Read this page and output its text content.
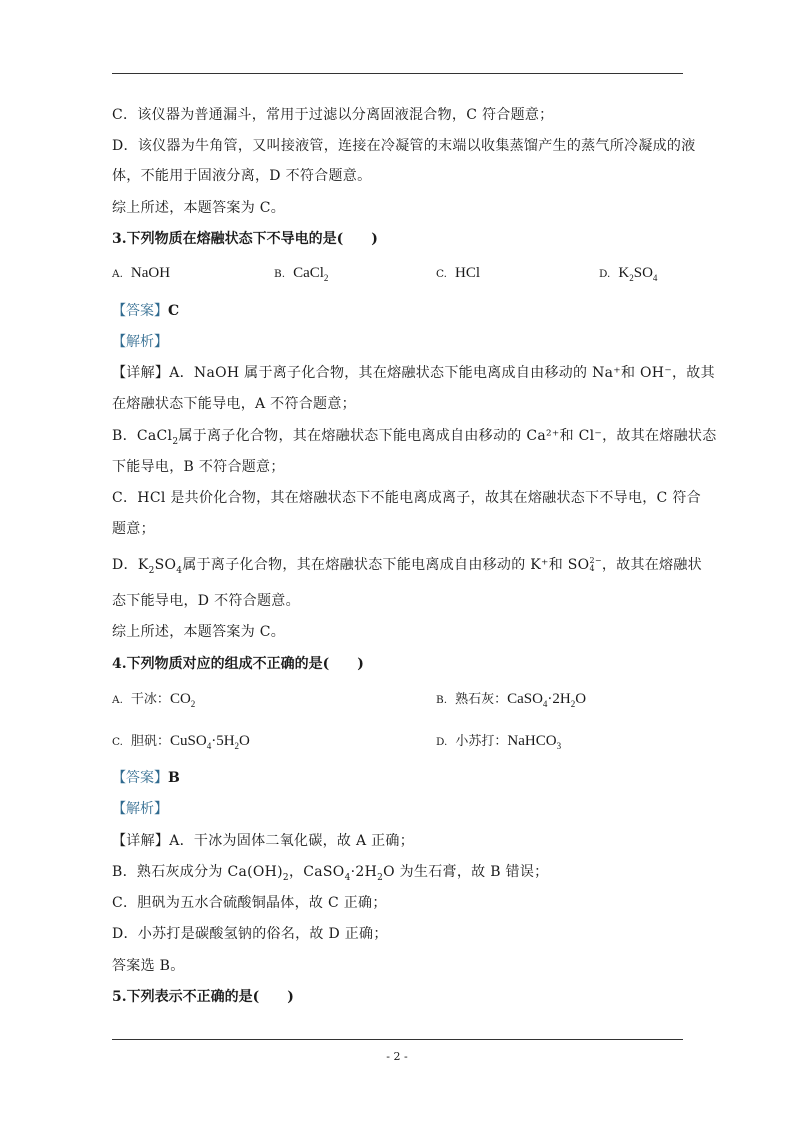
C．该仪器为普通漏斗，常用于过滤以分离固液混合物，C 符合题意；
D．该仪器为牛角管，又叫接液管，连接在冷凝管的末端以收集蒸馏产生的蒸气所冷凝成的液
体，不能用于固液分离，D 不符合题意。
综上所述，本题答案为 C。
3.下列物质在熔融状态下不导电的是(　　)
A. NaOH	B. CaCl$_2$	C. HCl	D. $K_2SO_4$
【答案】C
【解析】
【详解】A．NaOH 属于离子化合物，其在熔融状态下能电离成自由移动的 Na⁺和 OH⁻，故其
在熔融状态下能导电，A 不符合题意；
B．CaCl$_2$属于离子化合物，其在熔融状态下能电离成自由移动的 Ca²⁺和 Cl⁻，故其在熔融状态
下能导电，B 不符合题意；
C．HCl 是共价化合物，其在熔融状态下不能电离成离子，故其在熔融状态下不导电，C 符合
题意；
D．$K_2SO_4$属于离子化合物，其在熔融状态下能电离成自由移动的 K⁺和 SO 2−
4 ，故其在熔融状
态下能导电，D 不符合题意。
综上所述，本题答案为 C。
4.下列物质对应的组成不正确的是(　　)
A. 干冰：$CO_2$	B. 熟石灰：$CaSO_4\cdot 2H_2O$
C. 胆矾：$CuSO_4\cdot 5H_2O$	D. 小苏打：NaHCO$_3$
【答案】B
【解析】
【详解】A．干冰为固体二氧化碳，故 A 正确；
B．熟石灰成分为 $Ca(OH)_2$，$CaSO_4\cdot 2H_2O$ 为生石膏，故 B 错误；
C．胆矾为五水合硫酸铜晶体，故 C 正确；
D．小苏打是碳酸氢钠的俗名，故 D 正确；
答案选 B。
5.下列表示不正确的是(　　)
- 2 -
